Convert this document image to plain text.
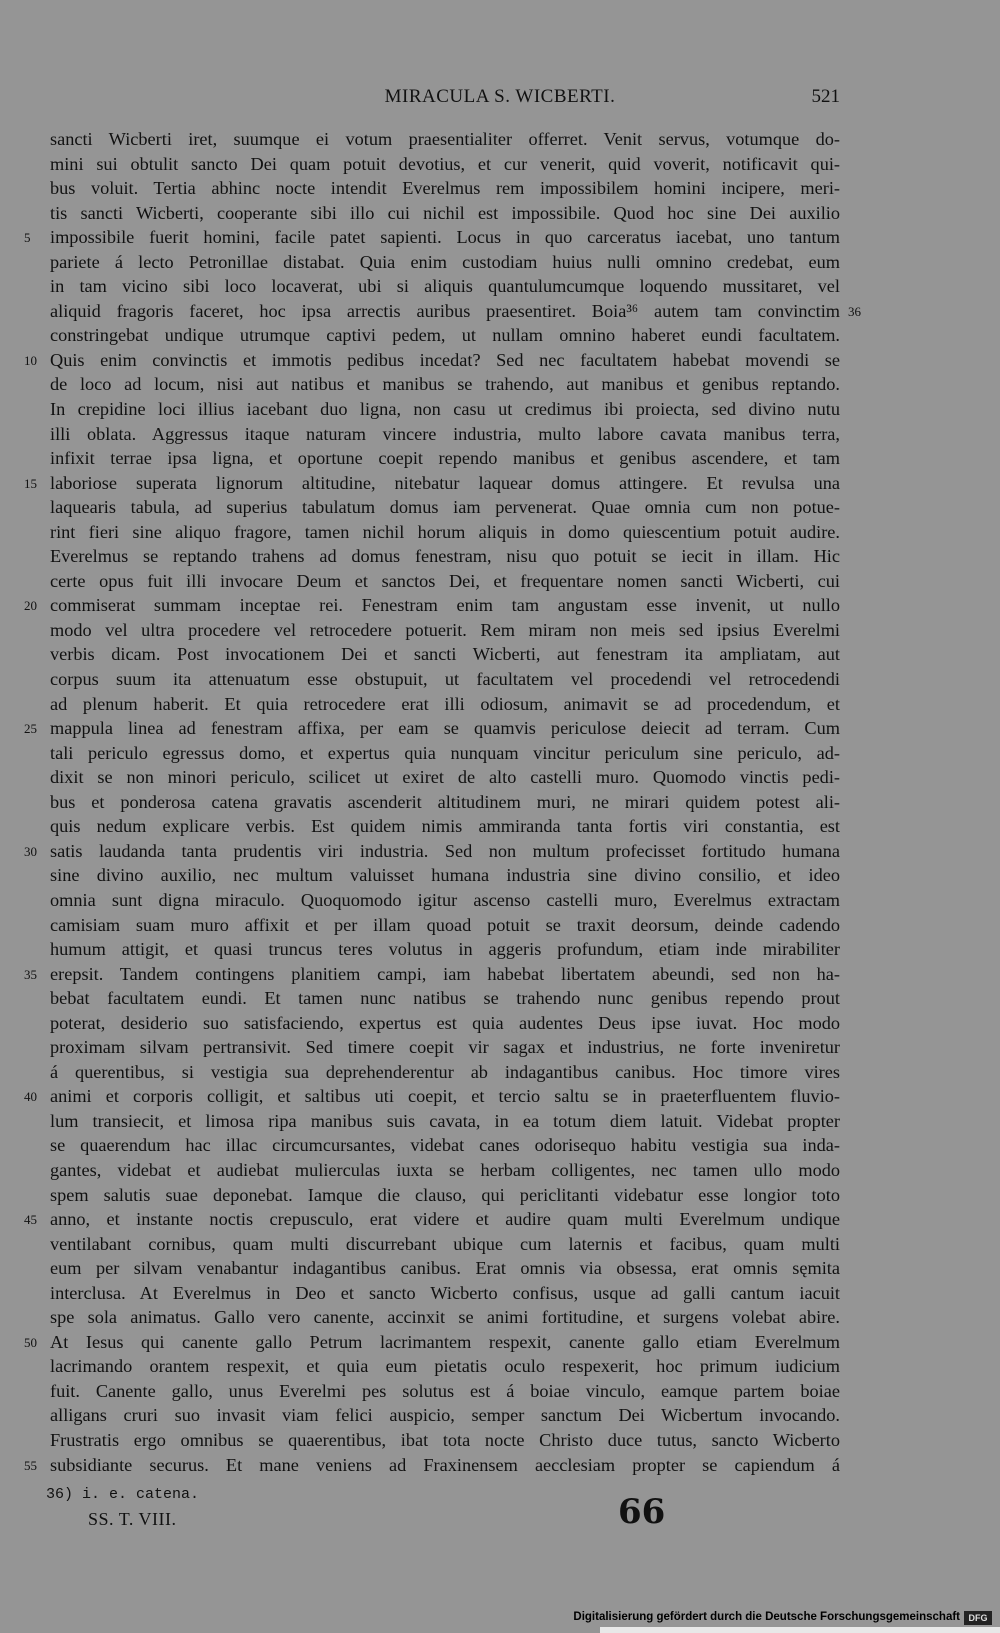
MIRACULA S. WICBERTI.	521
sancti Wicberti iret, suumque ei votum praesentialiter offerret. Venit servus, votumque do-
mini sui obtulit sancto Dei quam potuit devotius, et cur venerit, quid voverit, notificavit qui-
bus voluit. Tertia abhinc nocte intendit Everelmus rem impossibilem homini incipere, meri-
tis sancti Wicberti, cooperante sibi illo cui nichil est impossibile. Quod hoc sine Dei auxilio
5	impossibile fuerit homini, facile patet sapienti. Locus in quo carceratus iacebat, uno tantum
pariete á lecto Petronillae distabat. Quia enim custodiam huius nulli omnino credebat, eum
in tam vicino sibi loco locaverat, ubi si aliquis quantulumcumque loquendo mussitaret, vel
aliquid fragoris faceret, hoc ipsa arrectis auribus praesentiret. Boia³⁶ autem tam convinctim 36
constringebat undique utrumque captivi pedem, ut nullam omnino haberet eundi facultatem.
10 Quis enim convinctis et immotis pedibus incedat? Sed nec facultatem habebat movendi se
de loco ad locum, nisi aut natibus et manibus se trahendo, aut manibus et genibus reptando.
In crepidine loci illius iacebant duo ligna, non casu ut credimus ibi proiecta, sed divino nutu
illi oblata. Aggressus itaque naturam vincere industria, multo labore cavata manibus terra,
infixit terrae ipsa ligna, et oportune coepit rependo manibus et genibus ascendere, et tam
15 laboriose superata lignorum altitudine, nitebatur laquear domus attingere. Et revulsa una
laquearis tabula, ad superius tabulatum domus iam pervenerat. Quae omnia cum non potue-
rint fieri sine aliquo fragore, tamen nichil horum aliquis in domo quiescentium potuit audire.
Everelmus se reptando trahens ad domus fenestram, nisu quo potuit se iecit in illam. Hic
certe opus fuit illi invocare Deum et sanctos Dei, et frequentare nomen sancti Wicberti, cui
20 commiserat summam inceptae rei. Fenestram enim tam angustam esse invenit, ut nullo
modo vel ultra procedere vel retrocedere potuerit. Rem miram non meis sed ipsius Everelmi
verbis dicam. Post invocationem Dei et sancti Wicberti, aut fenestram ita ampliatam, aut
corpus suum ita attenuatum esse obstupuit, ut facultatem vel procedendi vel retrocedendi
ad plenum haberit. Et quia retrocedere erat illi odiosum, animavit se ad procedendum, et
25 mappula linea ad fenestram affixa, per eam se quamvis periculose deiecit ad terram. Cum
tali periculo egressus domo, et expertus quia nunquam vincitur periculum sine periculo, ad-
dixit se non minori periculo, scilicet ut exiret de alto castelli muro. Quomodo vinctis pedi-
bus et ponderosa catena gravatis ascenderit altitudinem muri, ne mirari quidem potest ali-
quis nedum explicare verbis. Est quidem nimis ammiranda tanta fortis viri constantia, est
30 satis laudanda tanta prudentis viri industria. Sed non multum profecisset fortitudo humana
sine divino auxilio, nec multum valuisset humana industria sine divino consilio, et ideo
omnia sunt digna miraculo. Quoquomodo igitur ascenso castelli muro, Everelmus extractam
camisiam suam muro affixit et per illam quoad potuit se traxit deorsum, deinde cadendo
humum attigit, et quasi truncus teres volutus in aggeris profundum, etiam inde mirabiliter
35 erepsit. Tandem contingens planitiem campi, iam habebat libertatem abeundi, sed non ha-
bebat facultatem eundi. Et tamen nunc natibus se trahendo nunc genibus rependo prout
poterat, desiderio suo satisfaciendo, expertus est quia audentes Deus ipse iuvat. Hoc modo
proximam silvam pertransivit. Sed timere coepit vir sagax et industrius, ne forte inveniretur
á querentibus, si vestigia sua deprehenderentur ab indagantibus canibus. Hoc timore vires
40 animi et corporis colligit, et saltibus uti coepit, et tercio saltu se in praeterfluentem fluvio-
lum transiecit, et limosa ripa manibus suis cavata, in ea totum diem latuit. Videbat propter
se quaerendum hac illac circumcursantes, videbat canes odorisequo habitu vestigia sua inda-
gantes, videbat et audiebat mulierculas iuxta se herbam colligentes, nec tamen ullo modo
spem salutis suae deponebat. Iamque die clauso, qui periclitanti videbatur esse longior toto
45 anno, et instante noctis crepusculo, erat videre et audire quam multi Everelmum undique
ventilabant cornibus, quam multi discurrebant ubique cum laternis et facibus, quam multi
eum per silvam venabantur indagantibus canibus. Erat omnis via obsessa, erat omnis sęmita
interclusa. At Everelmus in Deo et sancto Wicberto confisus, usque ad galli cantum iacuit
spe sola animatus. Gallo vero canente, accinxit se animi fortitudine, et surgens volebat abire.
50 At Iesus qui canente gallo Petrum lacrimantem respexit, canente gallo etiam Everelmum
lacrimando orantem respexit, et quia eum pietatis oculo respexerit, hoc primum iudicium
fuit. Canente gallo, unus Everelmi pes solutus est á boiae vinculo, eamque partem boiae
alligans cruri suo invasit viam felici auspicio, semper sanctum Dei Wicbertum invocando.
Frustratis ergo omnibus se quaerentibus, ibat tota nocte Christo duce tutus, sancto Wicberto
55 subsidiante securus. Et mane veniens ad Fraxinensem aecclesiam propter se capiendum á
36) i. e. catena.
SS. T. VIII.	66
Digitalisierung gefördert durch die Deutsche Forschungsgemeinschaft DFG
